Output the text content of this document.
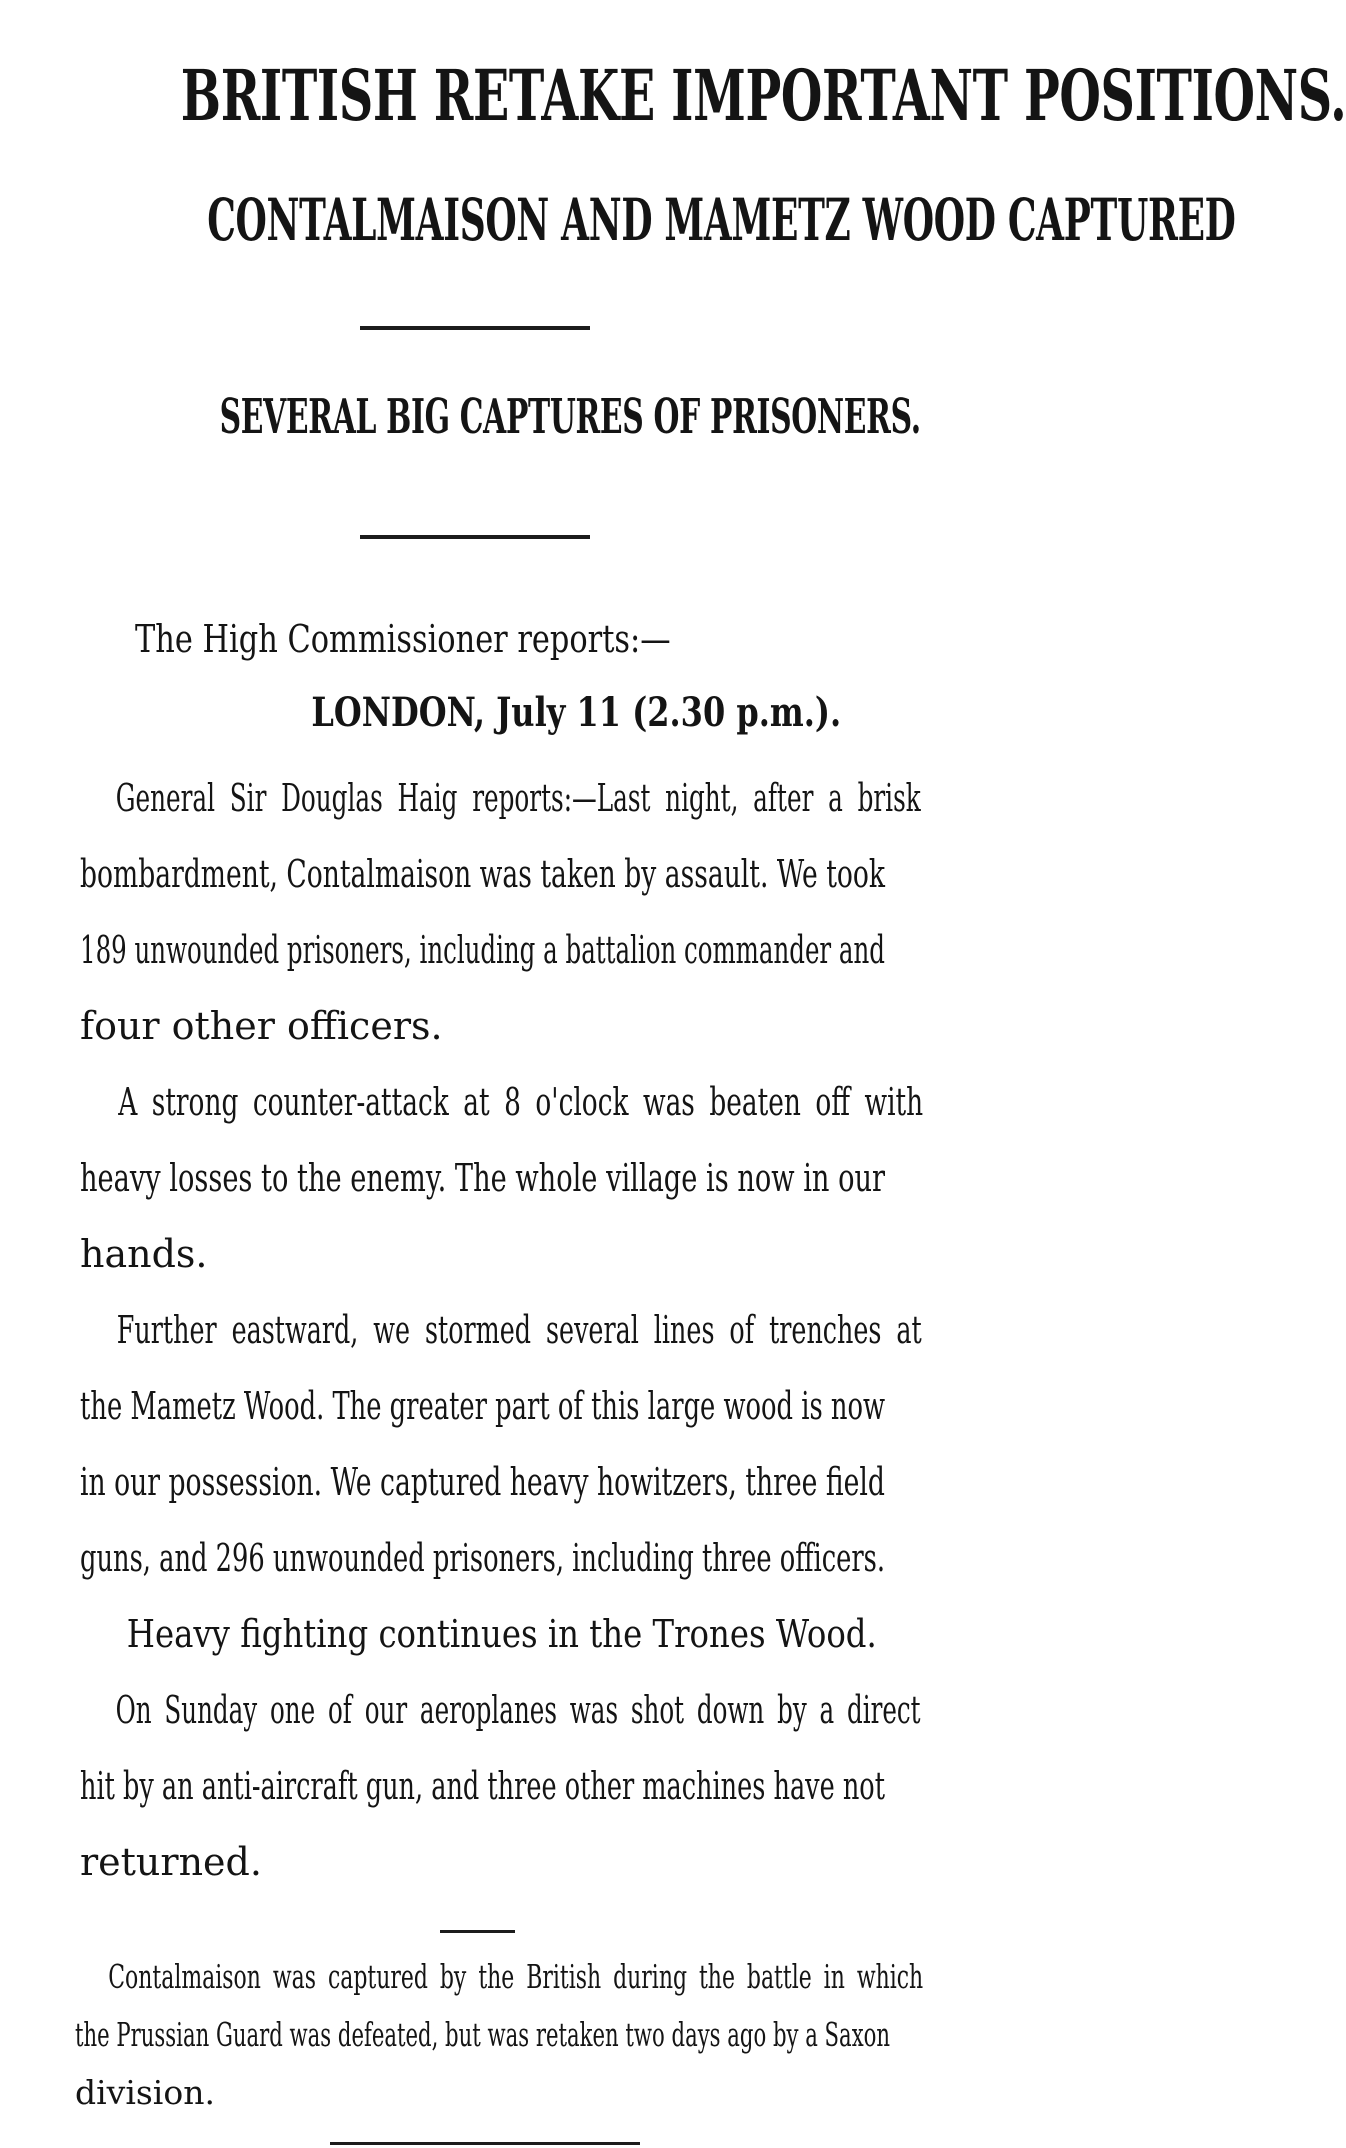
BRITISH RETAKE IMPORTANT POSITIONS.
CONTALMAISON AND MAMETZ WOOD CAPTURED
SEVERAL BIG CAPTURES OF PRISONERS.
The High Commissioner reports:—
LONDON, July 11 (2.30 p.m.).
General Sir Douglas Haig reports:—Last night, after a brisk
bombardment, Contalmaison was taken by assault. We took
189 unwounded prisoners, including a battalion commander and
four other officers.
A strong counter-attack at 8 o'clock was beaten off with
heavy losses to the enemy. The whole village is now in our
hands.
Further eastward, we stormed several lines of trenches at
the Mametz Wood. The greater part of this large wood is now
in our possession. We captured heavy howitzers, three field
guns, and 296 unwounded prisoners, including three officers.
Heavy fighting continues in the Trones Wood.
On Sunday one of our aeroplanes was shot down by a direct
hit by an anti-aircraft gun, and three other machines have not
returned.
Contalmaison was captured by the British during the battle in which
the Prussian Guard was defeated, but was retaken two days ago by a Saxon
division.
